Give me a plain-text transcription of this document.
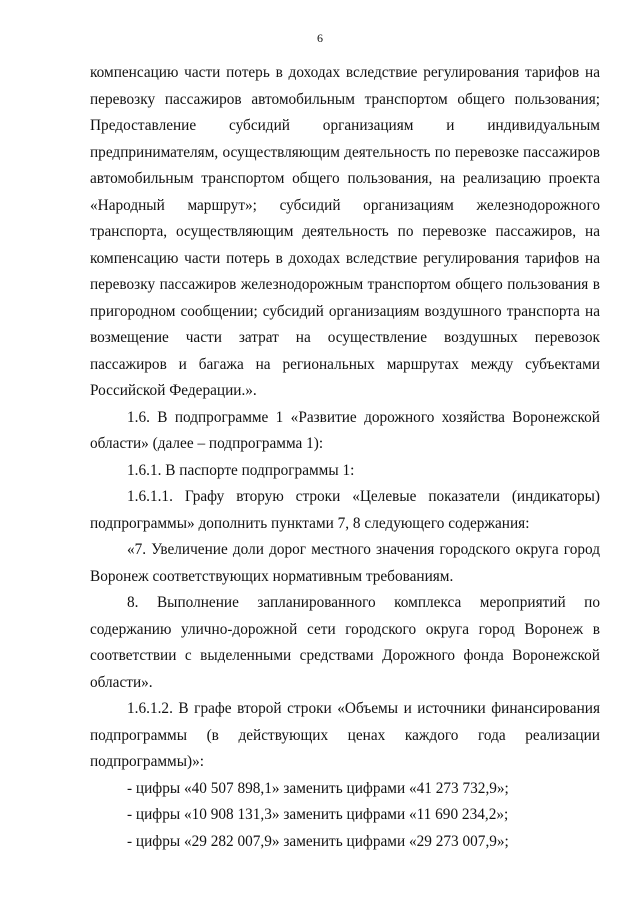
6

компенсацию части потерь в доходах вследствие регулирования тарифов на перевозку пассажиров автомобильным транспортом общего пользования; Предоставление субсидий организациям и индивидуальным предпринимателям, осуществляющим деятельность по перевозке пассажиров автомобильным транспортом общего пользования, на реализацию проекта «Народный маршрут»; субсидий организациям железнодорожного транспорта, осуществляющим деятельность по перевозке пассажиров, на компенсацию части потерь в доходах вследствие регулирования тарифов на перевозку пассажиров железнодорожным транспортом общего пользования в пригородном сообщении; субсидий организациям воздушного транспорта на возмещение части затрат на осуществление воздушных перевозок пассажиров и багажа на региональных маршрутах между субъектами Российской Федерации.».

1.6. В подпрограмме 1 «Развитие дорожного хозяйства Воронежской области» (далее – подпрограмма 1):

1.6.1. В паспорте подпрограммы 1:

1.6.1.1. Графу вторую строки «Целевые показатели (индикаторы) подпрограммы» дополнить пунктами 7, 8 следующего содержания:

«7. Увеличение доли дорог местного значения городского округа город Воронеж соответствующих нормативным требованиям.

8. Выполнение запланированного комплекса мероприятий по содержанию улично-дорожной сети городского округа город Воронеж в соответствии с выделенными средствами Дорожного фонда Воронежской области».

1.6.1.2. В графе второй строки «Объемы и источники финансирования подпрограммы (в действующих ценах каждого года реализации подпрограммы)»:

- цифры «40 507 898,1» заменить цифрами «41 273 732,9»;

- цифры «10 908 131,3» заменить цифрами «11 690 234,2»;

- цифры «29 282 007,9» заменить цифрами «29 273 007,9»;
